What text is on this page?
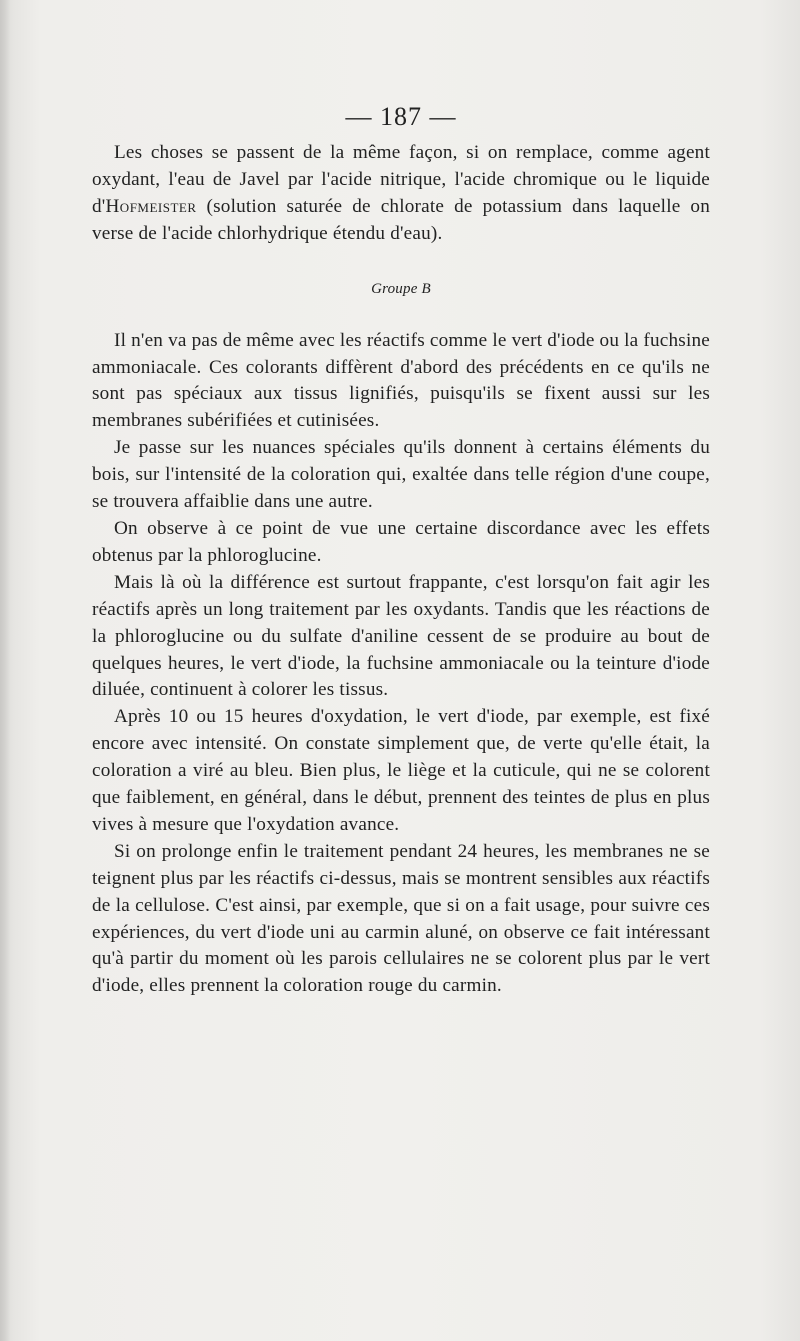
— 187 —

Les choses se passent de la même façon, si on remplace, comme agent oxydant, l'eau de Javel par l'acide nitrique, l'acide chromique ou le liquide d'Hofmeister (solution saturée de chlorate de potassium dans laquelle on verse de l'acide chlorhydrique étendu d'eau).

Groupe B

Il n'en va pas de même avec les réactifs comme le vert d'iode ou la fuchsine ammoniacale. Ces colorants diffèrent d'abord des précédents en ce qu'ils ne sont pas spéciaux aux tissus lignifiés, puisqu'ils se fixent aussi sur les membranes subérifiées et cutinisées.

Je passe sur les nuances spéciales qu'ils donnent à certains éléments du bois, sur l'intensité de la coloration qui, exaltée dans telle région d'une coupe, se trouvera affaiblie dans une autre.

On observe à ce point de vue une certaine discordance avec les effets obtenus par la phloroglucine.

Mais là où la différence est surtout frappante, c'est lorsqu'on fait agir les réactifs après un long traitement par les oxydants. Tandis que les réactions de la phloroglucine ou du sulfate d'aniline cessent de se produire au bout de quelques heures, le vert d'iode, la fuchsine ammoniacale ou la teinture d'iode diluée, continuent à colorer les tissus.

Après 10 ou 15 heures d'oxydation, le vert d'iode, par exemple, est fixé encore avec intensité. On constate simplement que, de verte qu'elle était, la coloration a viré au bleu. Bien plus, le liège et la cuticule, qui ne se colorent que faiblement, en général, dans le début, prennent des teintes de plus en plus vives à mesure que l'oxydation avance.

Si on prolonge enfin le traitement pendant 24 heures, les membranes ne se teignent plus par les réactifs ci-dessus, mais se montrent sensibles aux réactifs de la cellulose. C'est ainsi, par exemple, que si on a fait usage, pour suivre ces expériences, du vert d'iode uni au carmin aluné, on observe ce fait intéressant qu'à partir du moment où les parois cellulaires ne se colorent plus par le vert d'iode, elles prennent la coloration rouge du carmin.
